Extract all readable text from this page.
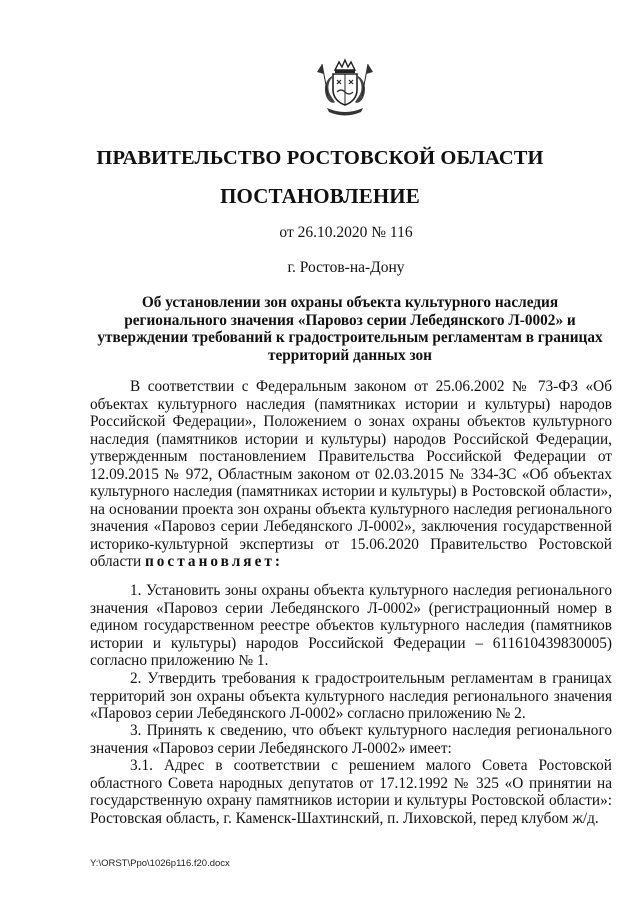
ПРАВИТЕЛЬСТВО РОСТОВСКОЙ ОБЛАСТИ
ПОСТАНОВЛЕНИЕ
от 26.10.2020 № 116
г. Ростов-на-Дону

Об установлении зон охраны объекта культурного наследия регионального значения «Паровоз серии Лебедянского Л-0002» и утверждении требований к градостроительным регламентам в границах территорий данных зон

В соответствии с Федеральным законом от 25.06.2002 № 73-ФЗ «Об объектах культурного наследия (памятниках истории и культуры) народов Российской Федерации», Положением о зонах охраны объектов культурного наследия (памятников истории и культуры) народов Российской Федерации, утвержденным постановлением Правительства Российской Федерации от 12.09.2015 № 972, Областным законом от 02.03.2015 № 334-ЗС «Об объектах культурного наследия (памятниках истории и культуры) в Ростовской области», на основании проекта зон охраны объекта культурного наследия регионального значения «Паровоз серии Лебедянского Л-0002», заключения государственной историко-культурной экспертизы от 15.06.2020 Правительство Ростовской области постановляет:

1. Установить зоны охраны объекта культурного наследия регионального значения «Паровоз серии Лебедянского Л-0002» (регистрационный номер в едином государственном реестре объектов культурного наследия (памятников истории и культуры) народов Российской Федерации – 611610439830005) согласно приложению № 1.

2. Утвердить требования к градостроительным регламентам в границах территорий зон охраны объекта культурного наследия регионального значения «Паровоз серии Лебедянского Л-0002» согласно приложению № 2.

3. Принять к сведению, что объект культурного наследия регионального значения «Паровоз серии Лебедянского Л-0002» имеет:

3.1. Адрес в соответствии с решением малого Совета Ростовской областного Совета народных депутатов от 17.12.1992 № 325 «О принятии на государственную охрану памятников истории и культуры Ростовской области»: Ростовская область, г. Каменск-Шахтинский, п. Лиховской, перед клубом ж/д.

Y:\ORST\Ppo\1026p116.f20.docx
